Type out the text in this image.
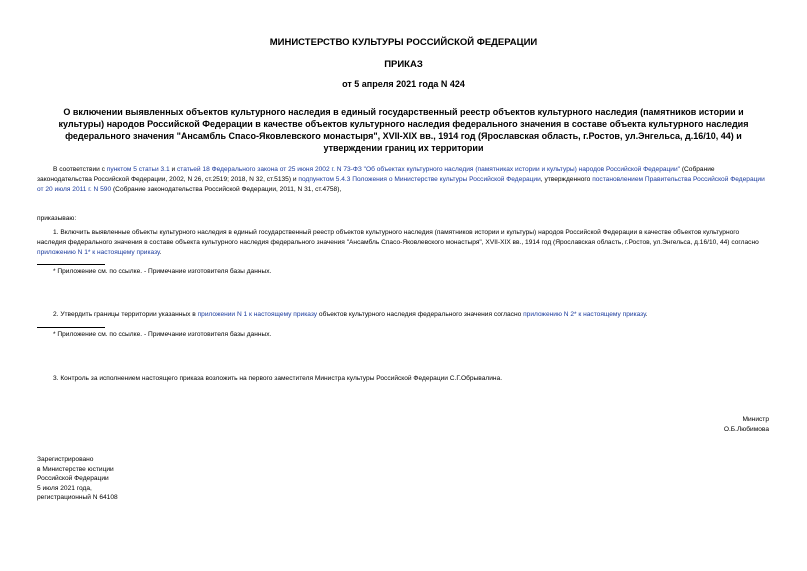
МИНИСТЕРСТВО КУЛЬТУРЫ РОССИЙСКОЙ ФЕДЕРАЦИИ
ПРИКАЗ
от 5 апреля 2021 года N 424
О включении выявленных объектов культурного наследия в единый государственный реестр объектов культурного наследия (памятников истории и культуры) народов Российской Федерации в качестве объектов культурного наследия федерального значения в составе объекта культурного наследия федерального значения "Ансамбль Спасо-Яковлевского монастыря", XVII-XIX вв., 1914 год (Ярославская область, г.Ростов, ул.Энгельса, д.16/10, 44) и утверждении границ их территории
В соответствии с пунктом 5 статьи 3.1 и статьей 18 Федерального закона от 25 июня 2002 г. N 73-ФЗ "Об объектах культурного наследия (памятниках истории и культуры) народов Российской Федерации" (Собрание законодательства Российской Федерации, 2002, N 26, ст.2519; 2018, N 32, ст.5135) и подпунктом 5.4.3 Положения о Министерстве культуры Российской Федерации, утвержденного постановлением Правительства Российской Федерации от 20 июля 2011 г. N 590 (Собрание законодательства Российской Федерации, 2011, N 31, ст.4758),
приказываю:
1. Включить выявленные объекты культурного наследия в единый государственный реестр объектов культурного наследия (памятников истории и культуры) народов Российской Федерации в качестве объектов культурного наследия федерального значения в составе объекта культурного наследия федерального значения "Ансамбль Спасо-Яковлевского монастыря", XVII-XIX вв., 1914 год (Ярославская область, г.Ростов, ул.Энгельса, д.16/10, 44) согласно приложению N 1* к настоящему приказу.
* Приложение см. по ссылке. - Примечание изготовителя базы данных.
2. Утвердить границы территории указанных в приложении N 1 к настоящему приказу объектов культурного наследия федерального значения согласно приложению N 2* к настоящему приказу.
* Приложение см. по ссылке. - Примечание изготовителя базы данных.
3. Контроль за исполнением настоящего приказа возложить на первого заместителя Министра культуры Российской Федерации С.Г.Обрывалина.
Министр
О.Б.Любимова
Зарегистрировано
в Министерстве юстиции
Российской Федерации
5 июля 2021 года,
регистрационный N 64108
